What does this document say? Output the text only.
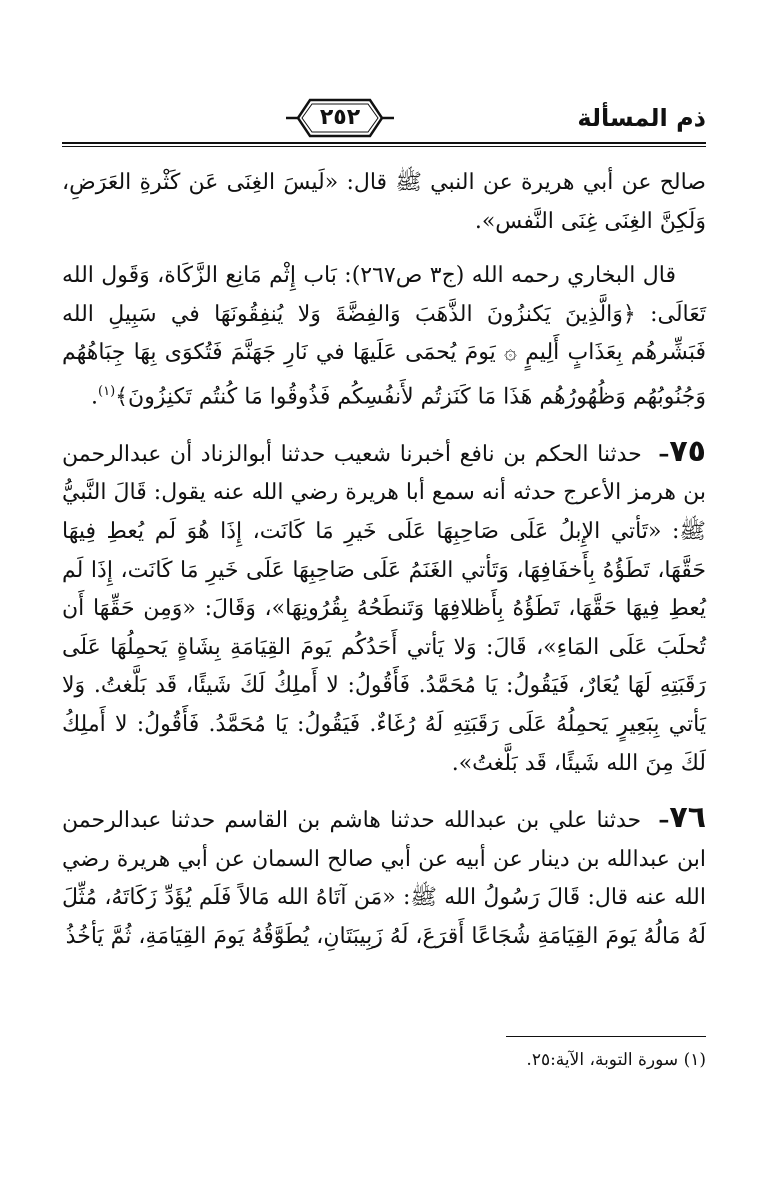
ذم المسألة
٢٥٢

صالح عن أبي هريرة عن النبي ﷺ قال: «لَيسَ الغِنَى عَن كَثْرةِ العَرَضِ، وَلَكِنَّ الغِنَى غِنَى النَّفس».

قال البخاري رحمه الله (ج٣ ص٢٦٧): بَاب إِثْم مَانِع الزَّكَاة، وَقَول الله تَعَالَى: ﴿وَالَّذِينَ يَكنزُونَ الذَّهَبَ وَالفِضَّةَ وَلا يُنفِقُونَهَا في سَبِيلِ الله فَبَشِّرهُم بِعَذَابٍ أَلِيمٍ ۞ يَومَ يُحمَى عَلَيهَا في نَارِ جَهَنَّمَ فَتُكوَى بِهَا جِبَاهُهُم وَجُنُوبُهُم وَظُهُورُهُم هَذَا مَا كَنَزتُم لأَنفُسِكُم فَذُوقُوا مَا كُنتُم تَكنِزُونَ﴾$^{(١)}$.

٧٥– حدثنا الحكم بن نافع أخبرنا شعيب حدثنا أبوالزناد أن عبدالرحمن بن هرمز الأعرج حدثه أنه سمع أبا هريرة رضي الله عنه يقول: قَالَ النَّبيُّ ﷺ: «تَأتي الإِبلُ عَلَى صَاحِبِهَا عَلَى خَيرِ مَا كَانَت، إِذَا هُوَ لَم يُعطِ فِيهَا حَقَّهَا، تَطَؤُهُ بِأَخفَافِهَا، وَتَأتي الغَنَمُ عَلَى صَاحِبِهَا عَلَى خَيرِ مَا كَانَت، إِذَا لَم يُعطِ فِيهَا حَقَّهَا، تَطَؤُهُ بِأَظلافِهَا وَتَنطَحُهُ بِقُرُونِهَا»، وَقَالَ: «وَمِن حَقِّهَا أَن تُحلَبَ عَلَى المَاءِ»، قَالَ: وَلا يَأتي أَحَدُكُم يَومَ القِيَامَةِ بِشَاةٍ يَحمِلُهَا عَلَى رَقَبَتِهِ لَهَا يُعَارٌ، فَيَقُولُ: يَا مُحَمَّدُ. فَأَقُولُ: لا أَملِكُ لَكَ شَيئًا، قَد بَلَّغتُ. وَلا يَأتي بِبَعِيرٍ يَحمِلُهُ عَلَى رَقَبَتِهِ لَهُ رُغَاءٌ. فَيَقُولُ: يَا مُحَمَّدُ. فَأَقُولُ: لا أَملِكُ لَكَ مِنَ الله شَيئًا، قَد بَلَّغتُ».

٧٦– حدثنا علي بن عبدالله حدثنا هاشم بن القاسم حدثنا عبدالرحمن ابن عبدالله بن دينار عن أبيه عن أبي صالح السمان عن أبي هريرة رضي الله عنه قال: قَالَ رَسُولُ الله ﷺ: «مَن آتَاهُ الله مَالاً فَلَم يُؤَدِّ زَكَاتَهُ، مُثِّلَ لَهُ مَالُهُ يَومَ القِيَامَةِ شُجَاعًا أَقرَعَ، لَهُ زَبِيبَتَانِ، يُطَوَّقُهُ يَومَ القِيَامَةِ، ثُمَّ يَأخُذُ

(١) سورة التوبة، الآية:٢٥.
